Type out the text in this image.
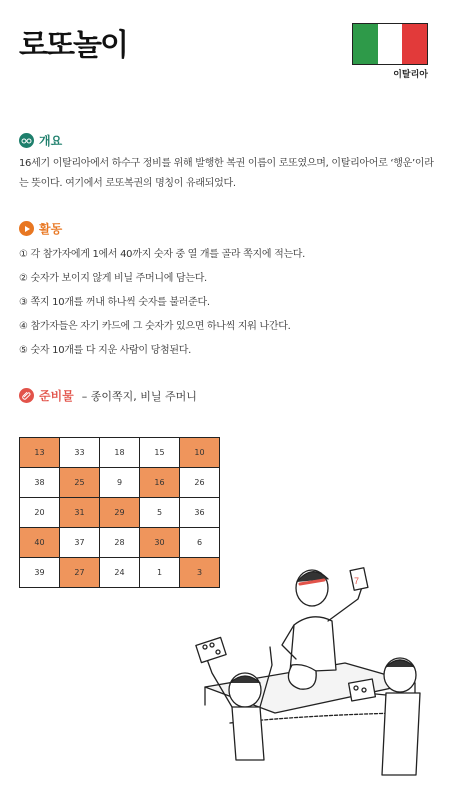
로또놀이
이탈리아
개요

16세기 이탈리아에서 하수구 정비를 위해 발행한 복권 이름이 로또였으며, 이탈리아어로 ‘행운’이라는 뜻이다. 여기에서 로또복권의 명칭이 유래되었다.

활동
① 각 참가자에게 1에서 40까지 숫자 중 열 개를 골라 쪽지에 적는다.
② 숫자가 보이지 않게 비닐 주머니에 담는다.
③ 쪽지 10개를 꺼내 하나씩 숫자를 불러준다.
④ 참가자들은 자기 카드에 그 숫자가 있으면 하나씩 지워 나간다.
⑤ 숫자 10개를 다 지운 사람이 당첨된다.
준비물 – 종이쪽지, 비닐 주머니
13	33	18	15	10
38	25	9	16	26
20	31	29	5	36
40	37	28	30	6
39	27	24	1	3
7
